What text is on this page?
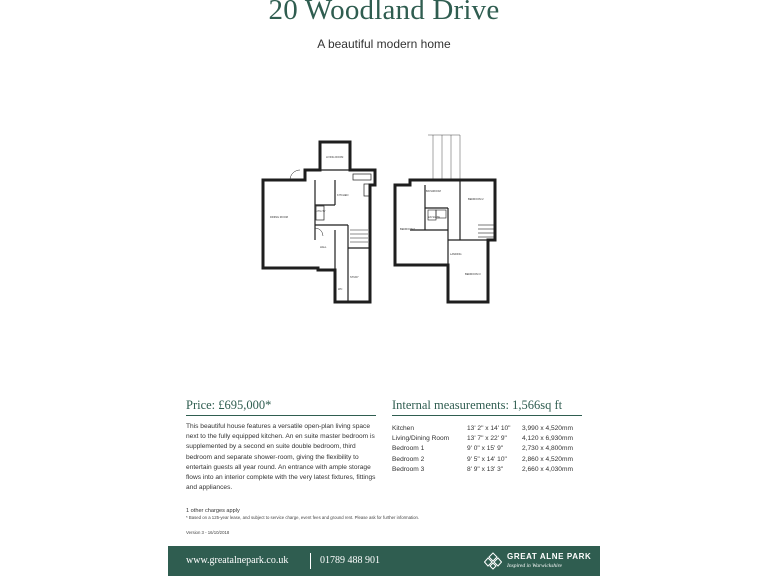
20 Woodland Drive
A beautiful modern home
DINING ROOM
LIVING ROOM
KITCHEN
UTILITY
HALL
STUDY
WC
BEDROOM 1
BEDROOM 2
BEDROOM 3
EN SUITE
BATHROOM
LANDING
Price: £695,000*
This beautiful house features a versatile open-plan living space next to the fully equipped kitchen. An en suite master bedroom is supplemented by a second en suite double bedroom, third bedroom and separate shower-room, giving the flexibility to entertain guests all year round. An entrance with ample storage flows into an interior complete with the very latest fixtures, fittings and appliances.
Internal measurements: 1,566sq ft
Kitchen	13' 2" x 14' 10"	3,990 x 4,520mm
Living/Dining Room	13' 7" x 22' 9"	4,120 x 6,930mm
Bedroom 1	9' 0" x 15' 9"	2,730 x 4,800mm
Bedroom 2	9' 5" x 14' 10"	2,860 x 4,520mm
Bedroom 3	8' 9" x 13' 3"	2,660 x 4,030mm
1 other charges apply
* Based on a 125-year lease, and subject to service charge, event fees and ground rent. Please ask for further information.
Version 3 - 16/10/2018
www.greatalnepark.co.uk	01789 488 901	GREAT ALNE PARK
Inspired in Warwickshire
